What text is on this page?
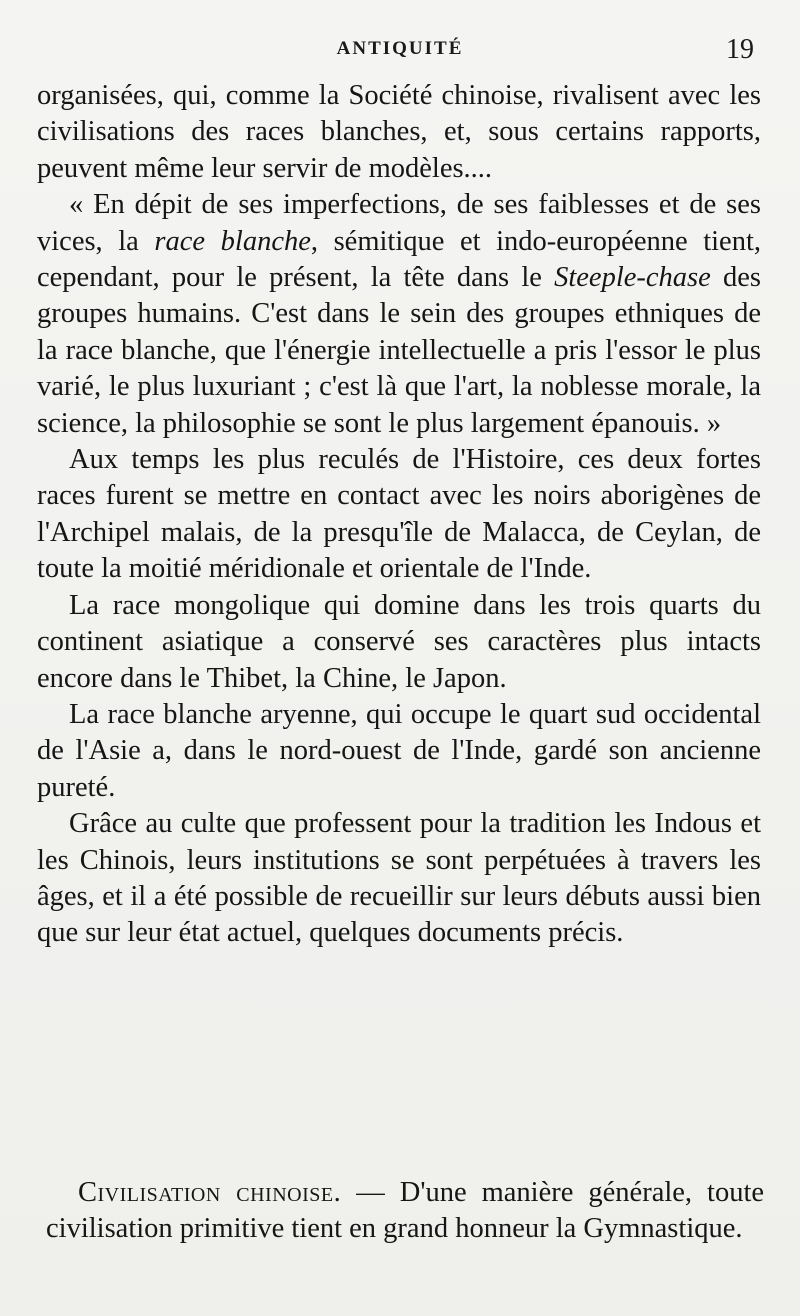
ANTIQUITÉ	19

organisées, qui, comme la Société chinoise, rivalisent avec les civilisations des races blanches, et, sous certains rapports, peuvent même leur servir de modèles....

« En dépit de ses imperfections, de ses faiblesses et de ses vices, la race blanche, sémitique et indo-européenne tient, cependant, pour le présent, la tête dans le Steeple-chase des groupes humains. C'est dans le sein des groupes ethniques de la race blanche, que l'énergie intellectuelle a pris l'essor le plus varié, le plus luxuriant ; c'est là que l'art, la noblesse morale, la science, la philosophie se sont le plus largement épanouis. »

Aux temps les plus reculés de l'Histoire, ces deux fortes races furent se mettre en contact avec les noirs aborigènes de l'Archipel malais, de la presqu'île de Malacca, de Ceylan, de toute la moitié méridionale et orientale de l'Inde.

La race mongolique qui domine dans les trois quarts du continent asiatique a conservé ses caractères plus intacts encore dans le Thibet, la Chine, le Japon.

La race blanche aryenne, qui occupe le quart sud occidental de l'Asie a, dans le nord-ouest de l'Inde, gardé son ancienne pureté.

Grâce au culte que professent pour la tradition les Indous et les Chinois, leurs institutions se sont perpétuées à travers les âges, et il a été possible de recueillir sur leurs débuts aussi bien que sur leur état actuel, quelques documents précis.

Civilisation chinoise. — D'une manière générale, toute civilisation primitive tient en grand honneur la Gymnastique.
